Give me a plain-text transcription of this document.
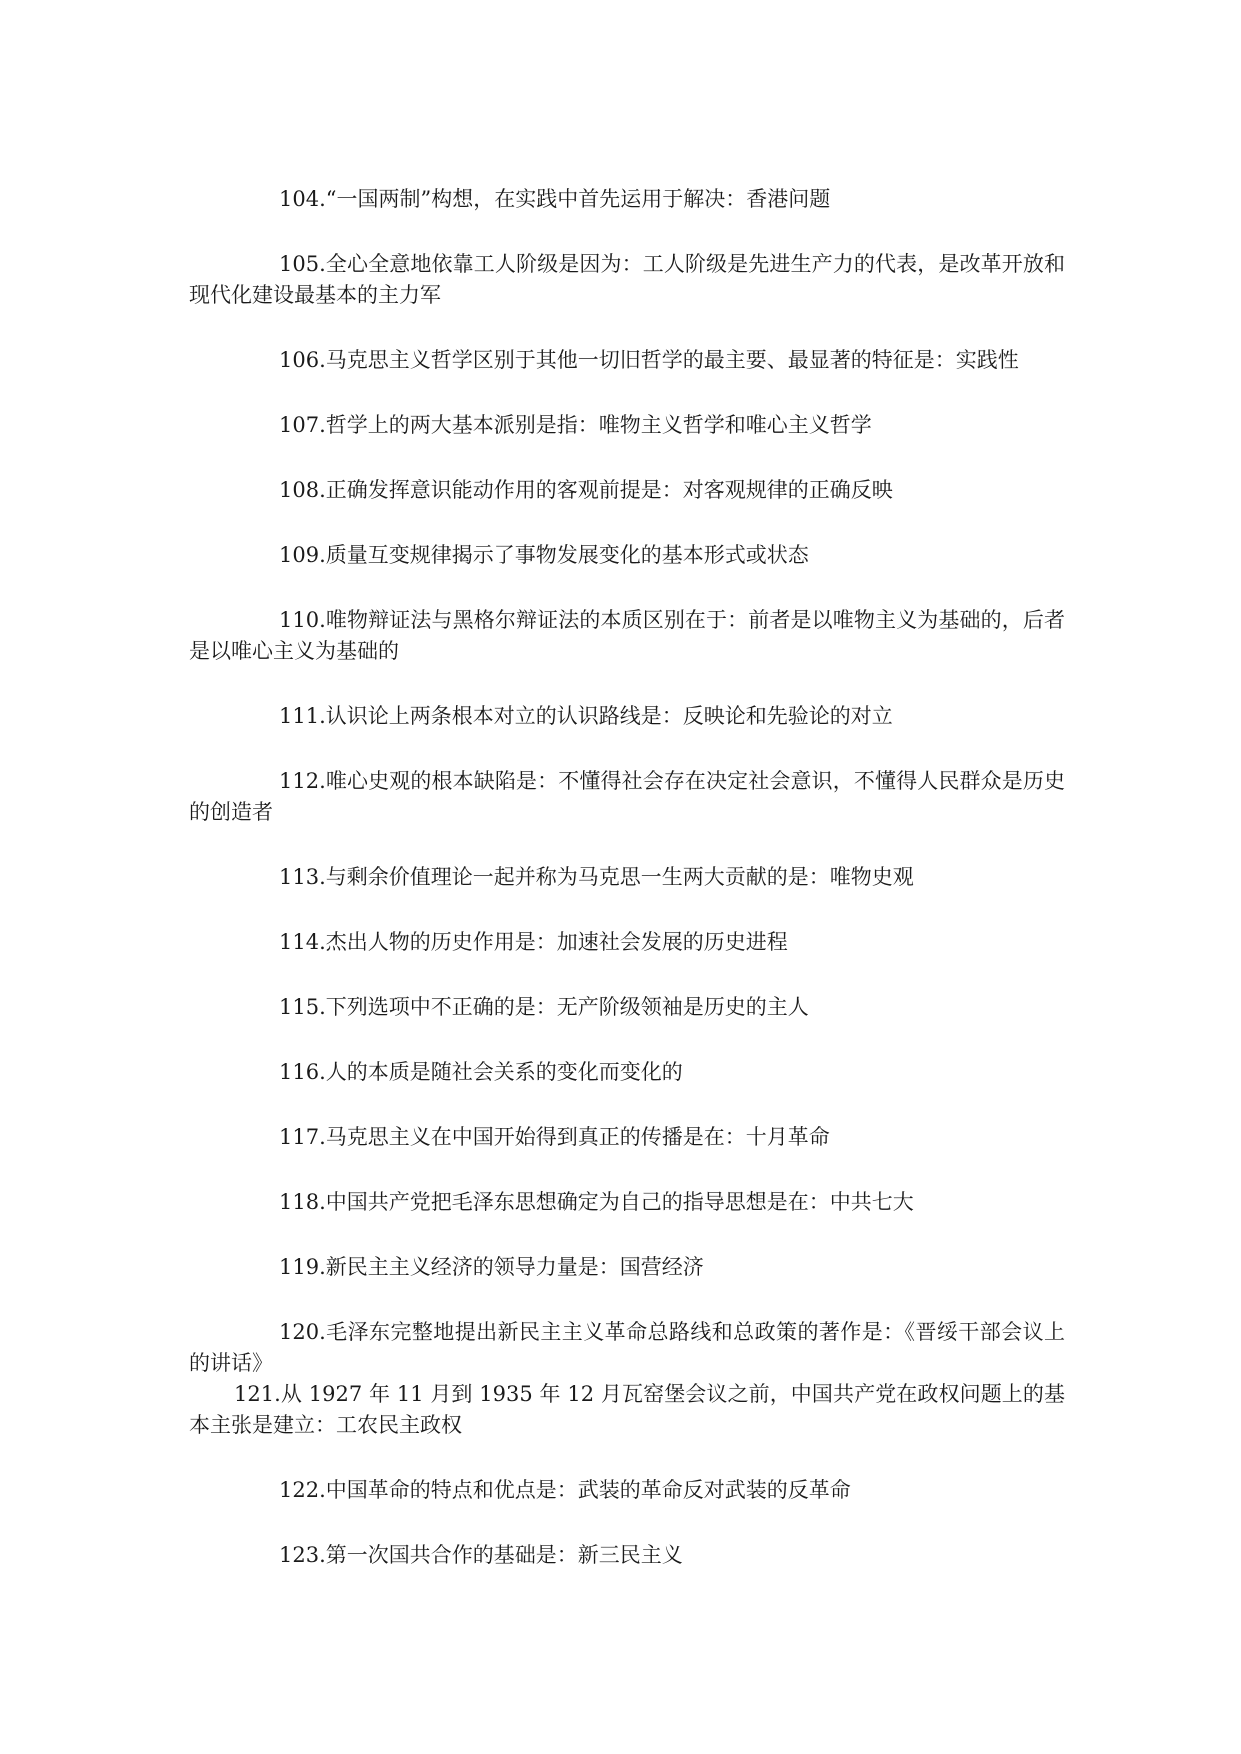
104.“一国两制”构想，在实践中首先运用于解决：香港问题

105.全心全意地依靠工人阶级是因为：工人阶级是先进生产力的代表，是改革开放和现代化建设最基本的主力军

106.马克思主义哲学区别于其他一切旧哲学的最主要、最显著的特征是：实践性

107.哲学上的两大基本派别是指：唯物主义哲学和唯心主义哲学

108.正确发挥意识能动作用的客观前提是：对客观规律的正确反映

109.质量互变规律揭示了事物发展变化的基本形式或状态

110.唯物辩证法与黑格尔辩证法的本质区别在于：前者是以唯物主义为基础的，后者是以唯心主义为基础的

111.认识论上两条根本对立的认识路线是：反映论和先验论的对立

112.唯心史观的根本缺陷是：不懂得社会存在决定社会意识，不懂得人民群众是历史的创造者

113.与剩余价值理论一起并称为马克思一生两大贡献的是：唯物史观

114.杰出人物的历史作用是：加速社会发展的历史进程

115.下列选项中不正确的是：无产阶级领袖是历史的主人

116.人的本质是随社会关系的变化而变化的

117.马克思主义在中国开始得到真正的传播是在：十月革命

118.中国共产党把毛泽东思想确定为自己的指导思想是在：中共七大

119.新民主主义经济的领导力量是：国营经济

120.毛泽东完整地提出新民主主义革命总路线和总政策的著作是：《晋绥干部会议上的讲话》

121.从 1927 年 11 月到 1935 年 12 月瓦窑堡会议之前，中国共产党在政权问题上的基本主张是建立：工农民主政权

122.中国革命的特点和优点是：武装的革命反对武装的反革命

123.第一次国共合作的基础是：新三民主义
